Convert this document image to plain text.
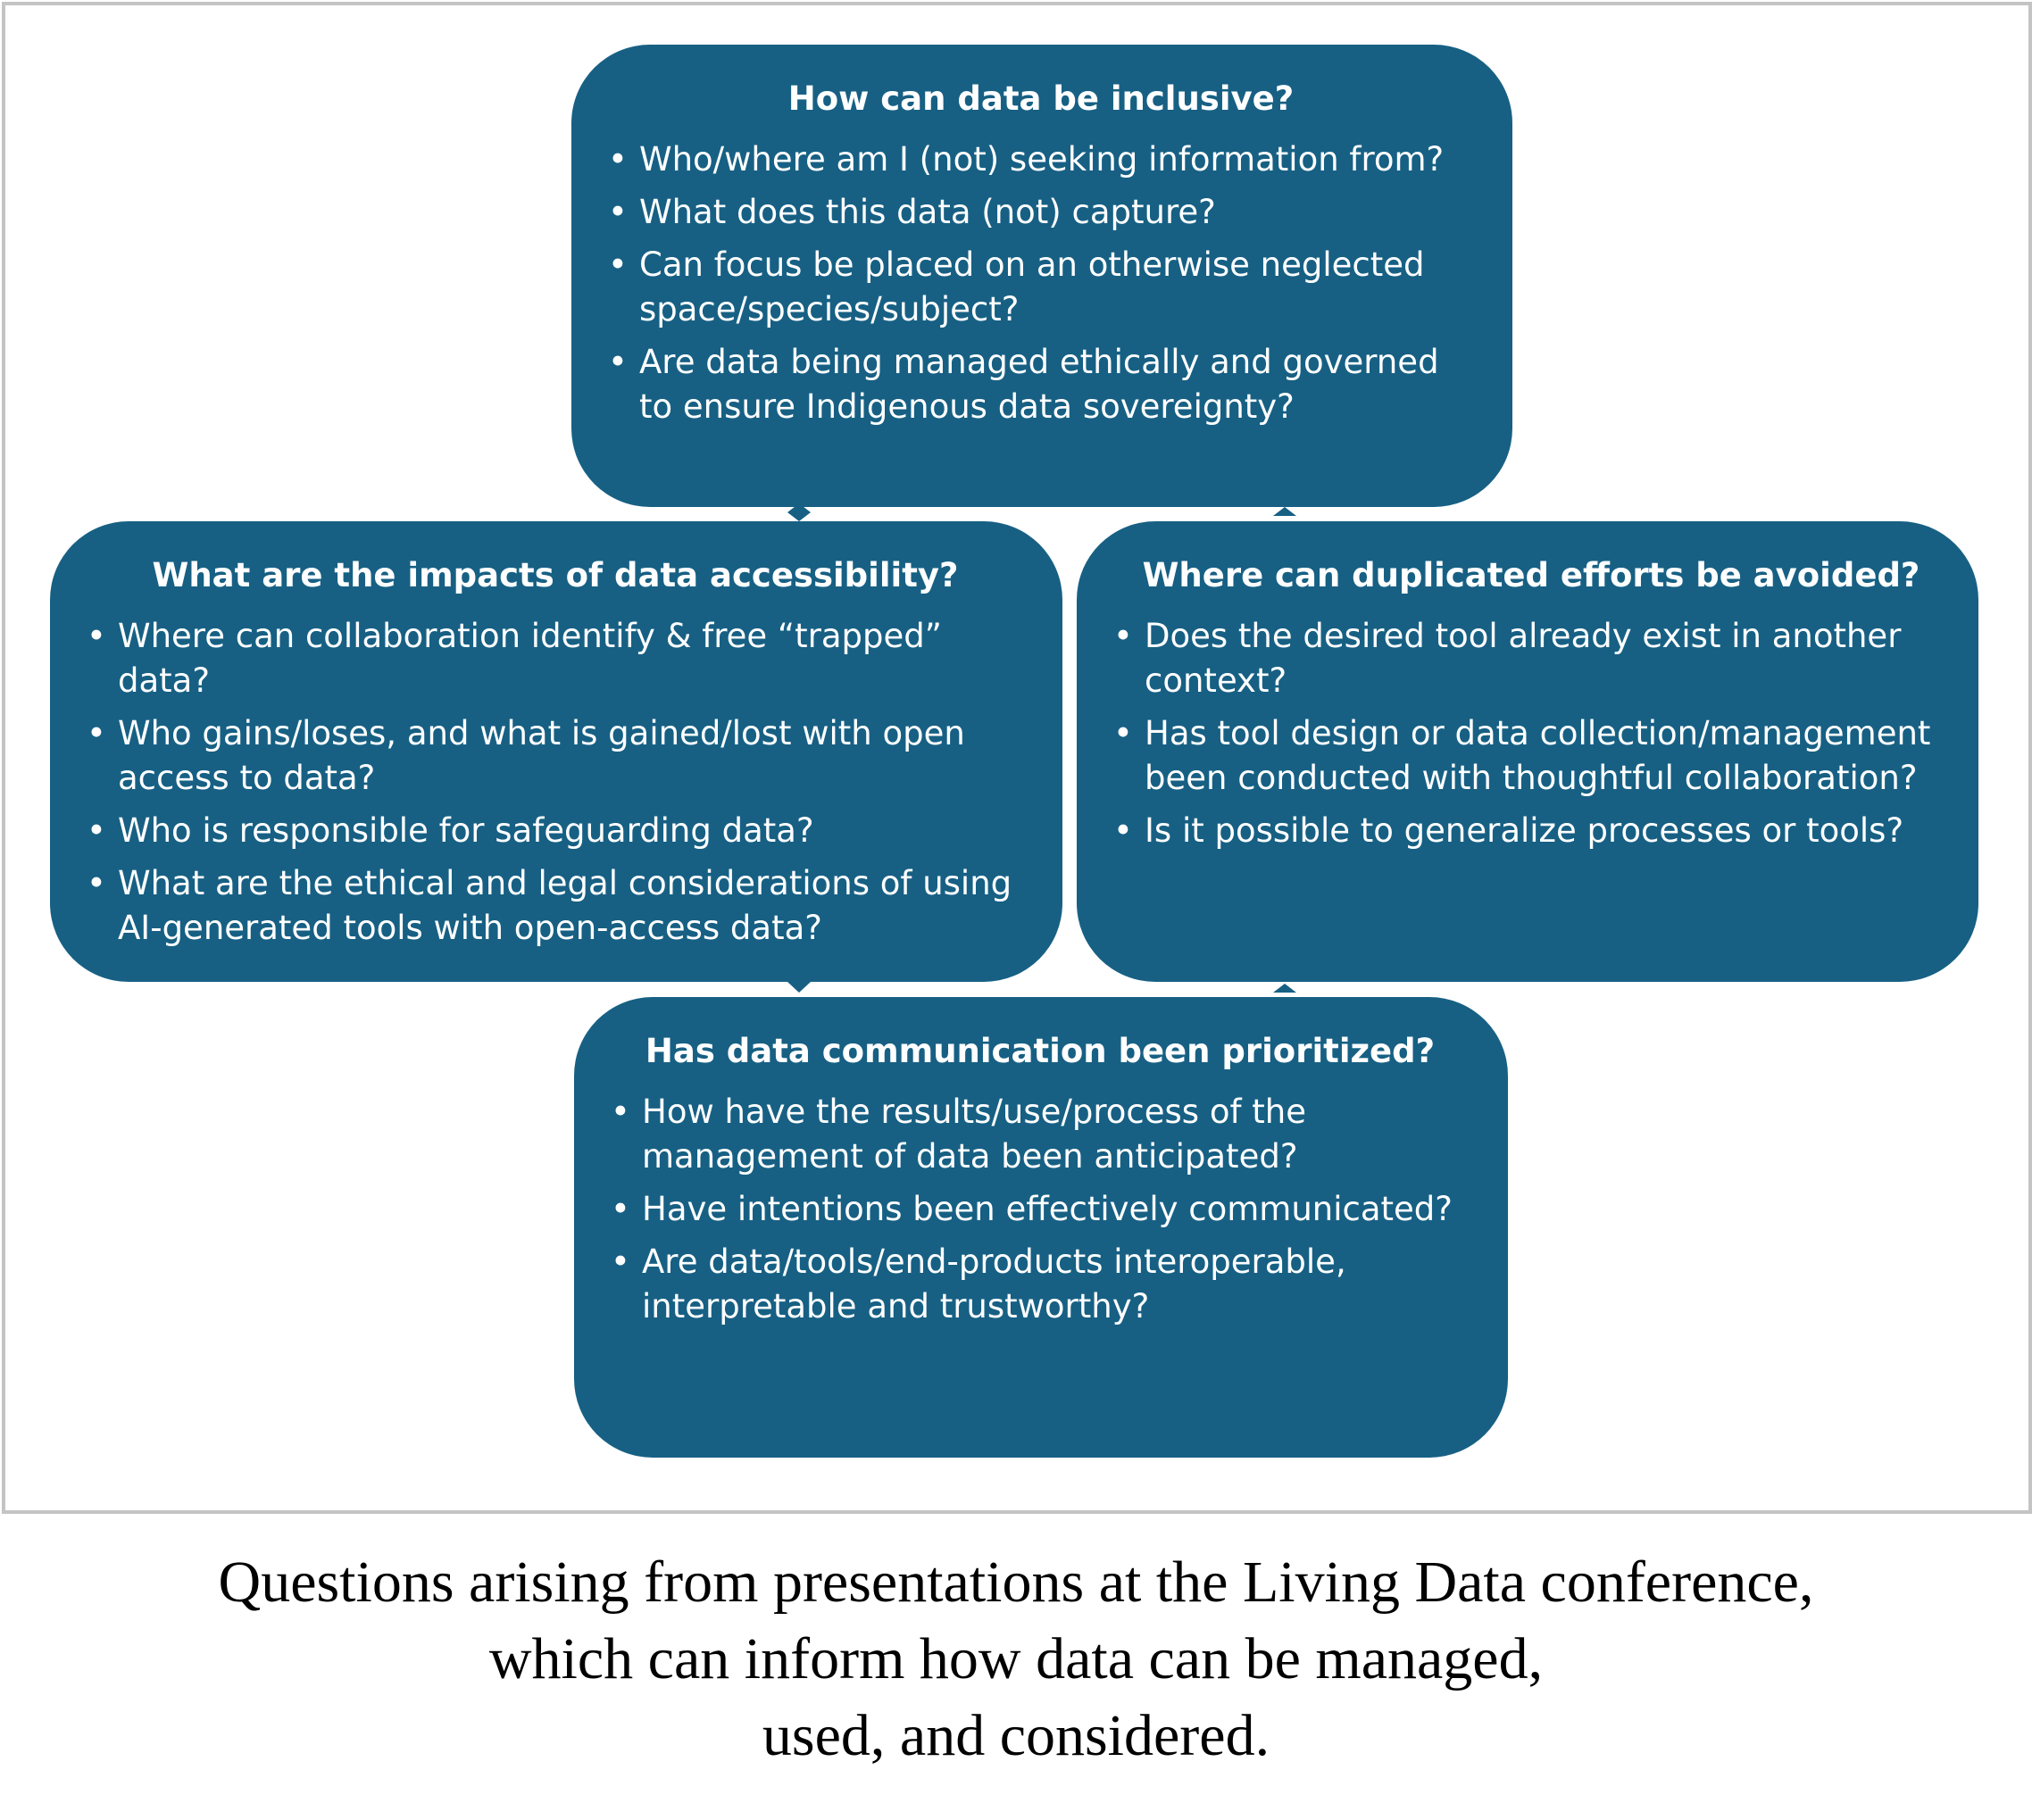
How can data be inclusive?

• Who/where am I (not) seeking information from?
• What does this data (not) capture?
• Can focus be placed on an otherwise neglected space/species/subject?
• Are data being managed ethically and governed to ensure Indigenous data sovereignty?

What are the impacts of data accessibility?

• Where can collaboration identify & free “trapped” data?
• Who gains/loses, and what is gained/lost with open access to data?
• Who is responsible for safeguarding data?
• What are the ethical and legal considerations of using AI-generated tools with open-access data?

Where can duplicated efforts be avoided?

• Does the desired tool already exist in another context?
• Has tool design or data collection/management been conducted with thoughtful collaboration?
• Is it possible to generalize processes or tools?

Has data communication been prioritized?

• How have the results/use/process of the management of data been anticipated?
• Have intentions been effectively communicated?
• Are data/tools/end-products interoperable, interpretable and trustworthy?
Questions arising from presentations at the Living Data conference,
which can inform how data can be managed,
used, and considered.
